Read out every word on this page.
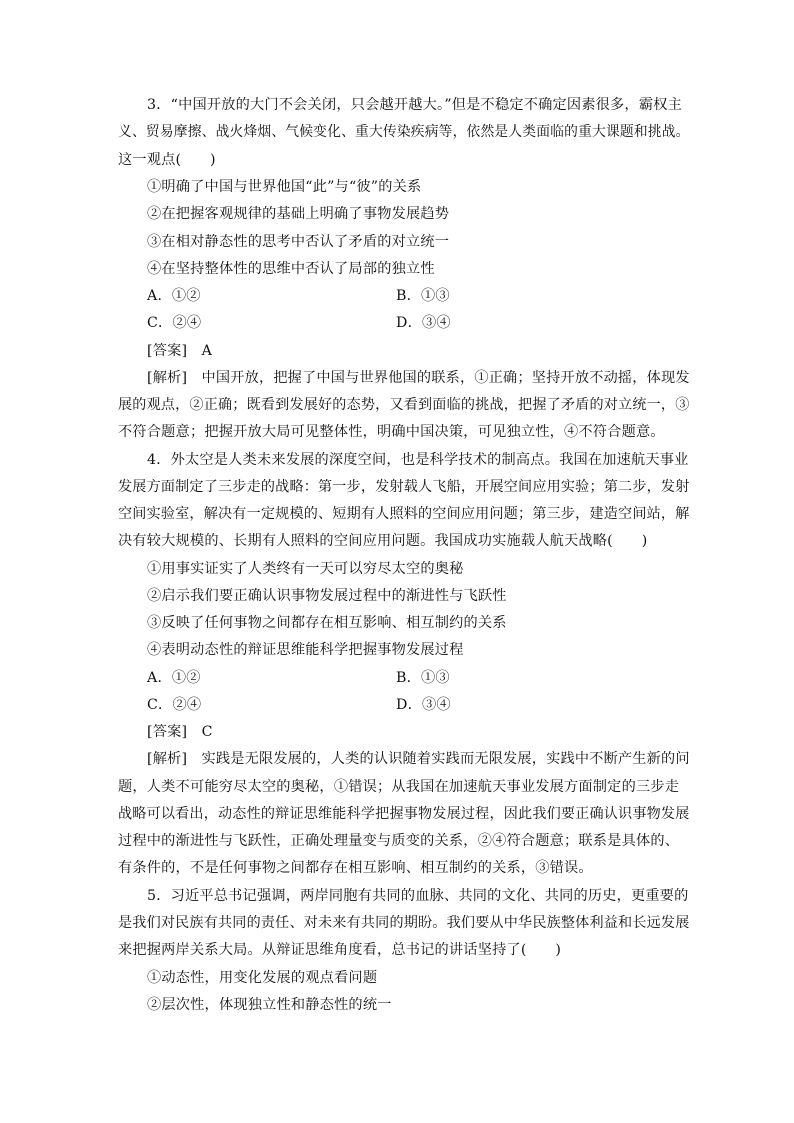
3．“中国开放的大门不会关闭，只会越开越大。”但是不稳定不确定因素很多，霸权主
义、贸易摩擦、战火烽烟、气候变化、重大传染疾病等，依然是人类面临的重大课题和挑战。
这一观点(　　)
①明确了中国与世界他国“此”与“彼”的关系
②在把握客观规律的基础上明确了事物发展趋势
③在相对静态性的思考中否认了矛盾的对立统一
④在坚持整体性的思维中否认了局部的独立性
A．①②	B．①③
C．②④	D．③④
[答案]　A
[解析]　中国开放，把握了中国与世界他国的联系，①正确；坚持开放不动摇，体现发
展的观点，②正确；既看到发展好的态势，又看到面临的挑战，把握了矛盾的对立统一，③
不符合题意；把握开放大局可见整体性，明确中国决策，可见独立性，④不符合题意。
4．外太空是人类未来发展的深度空间，也是科学技术的制高点。我国在加速航天事业
发展方面制定了三步走的战略：第一步，发射载人飞船，开展空间应用实验；第二步，发射
空间实验室，解决有一定规模的、短期有人照料的空间应用问题；第三步，建造空间站，解
决有较大规模的、长期有人照料的空间应用问题。我国成功实施载人航天战略(　　)
①用事实证实了人类终有一天可以穷尽太空的奥秘
②启示我们要正确认识事物发展过程中的渐进性与飞跃性
③反映了任何事物之间都存在相互影响、相互制约的关系
④表明动态性的辩证思维能科学把握事物发展过程
A．①②	B．①③
C．②④	D．③④
[答案]　C
[解析]　实践是无限发展的，人类的认识随着实践而无限发展，实践中不断产生新的问
题，人类不可能穷尽太空的奥秘，①错误；从我国在加速航天事业发展方面制定的三步走
战略可以看出，动态性的辩证思维能科学把握事物发展过程，因此我们要正确认识事物发展
过程中的渐进性与飞跃性，正确处理量变与质变的关系，②④符合题意；联系是具体的、
有条件的，不是任何事物之间都存在相互影响、相互制约的关系，③错误。
5．习近平总书记强调，两岸同胞有共同的血脉、共同的文化、共同的历史，更重要的
是我们对民族有共同的责任、对未来有共同的期盼。我们要从中华民族整体利益和长远发展
来把握两岸关系大局。从辩证思维角度看，总书记的讲话坚持了(　　)
①动态性，用变化发展的观点看问题
②层次性，体现独立性和静态性的统一
